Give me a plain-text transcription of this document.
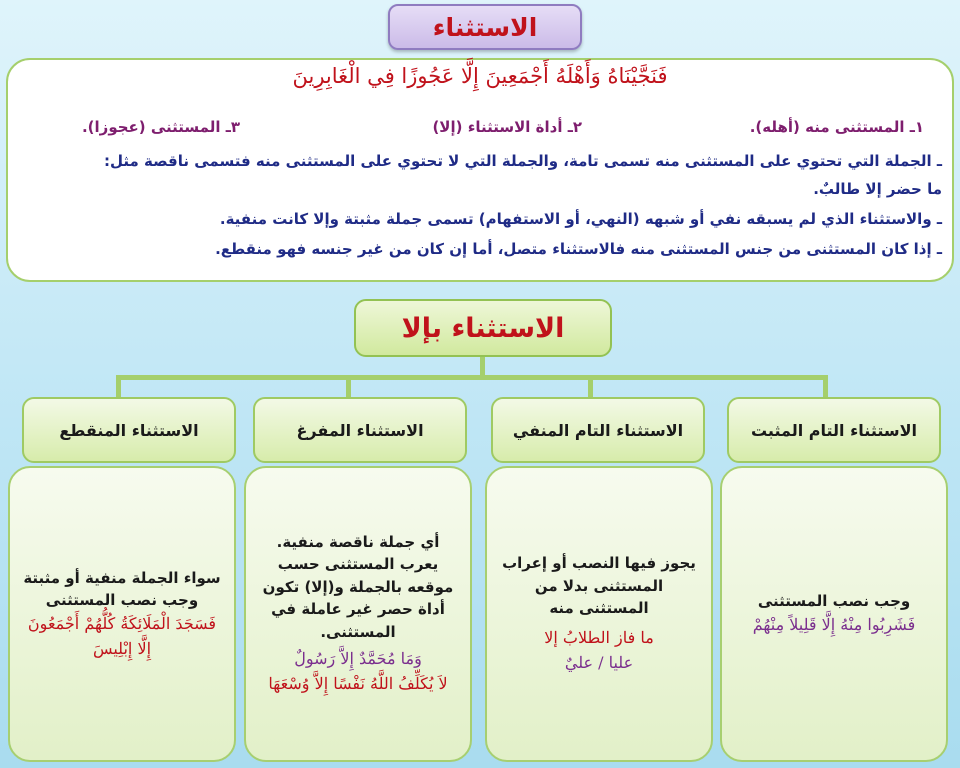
الاستثناء
فَنَجَّيْنَاهُ وَأَهْلَهُ أَجْمَعِينَ إِلَّا عَجُوزًا فِي الْغَابِرِينَ
١ـ المستثنى منه (أهله).
٢ـ أداة الاستثناء (إلا)
٣ـ المستثنى (عجوزا).
ـ الجملة التي تحتوي على المستثنى منه تسمى تامة، والجملة التي لا تحتوي على المستثنى منه فتسمى ناقصة مثل:
ما حضر إلا طالبٌ.
ـ والاستثناء الذي لم يسبقه نفي أو شبهه (النهي، أو الاستفهام) تسمى جملة مثبتة وإلا كانت منفية.
ـ إذا كان المستثنى من جنس المستثنى منه فالاستثناء متصل، أما إن كان من غير جنسه فهو منقطع.
الاستثناء بإلا
الاستثناء التام المثبت
الاستثناء التام المنفي
الاستثناء المفرغ
الاستثناء المنقطع
وجب نصب المستثنى
فَشَرِبُوا مِنْهُ إِلَّا قَلِيلاً مِنْهُمْ
يجوز فيها النصب أو إعراب المستثنى بدلا من المستثنى منه
ما فاز الطلابُ إلا
عليا / عليٌ
أي جملة ناقصة منفية. يعرب المستثنى حسب موقعه بالجملة و(إلا) تكون أداة حصر غير عاملة في المستثنى.
وَمَا مُحَمَّدٌ إِلاَّ رَسُولٌ
لاَ يُكَلِّفُ اللَّهُ نَفْسًا إِلاَّ وُسْعَهَا
سواء الجملة منفية أو مثبتة وجب نصب المستثنى
فَسَجَدَ الْمَلَائِكَةُ كُلُّهُمْ أَجْمَعُونَ إِلَّا إِبْلِيسَ
